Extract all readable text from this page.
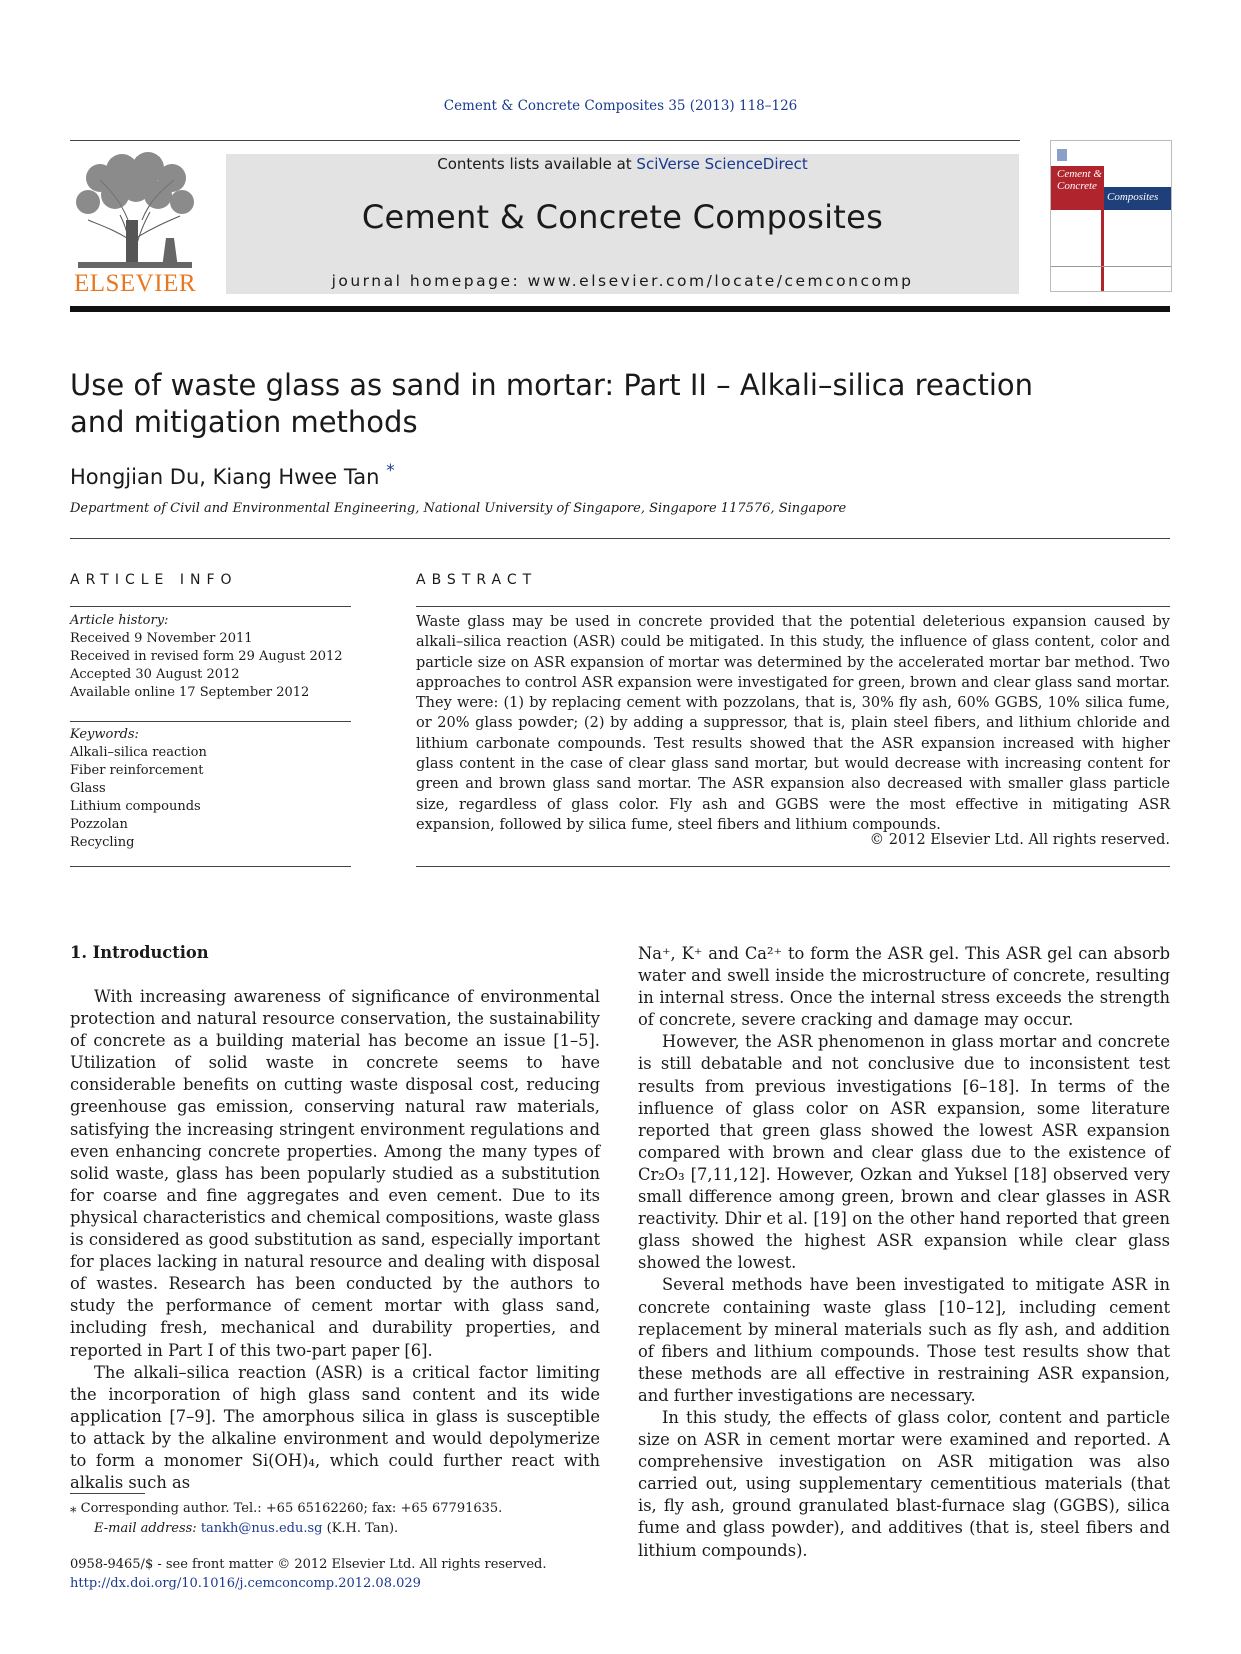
Cement & Concrete Composites 35 (2013) 118–126
ELSEVIER
Contents lists available at SciVerse ScienceDirect
Cement & Concrete Composites
journal homepage: www.elsevier.com/locate/cemconcomp
Cement &
Concrete
Composites
Use of waste glass as sand in mortar: Part II – Alkali–silica reaction
and mitigation methods
Hongjian Du, Kiang Hwee Tan *
Department of Civil and Environmental Engineering, National University of Singapore, Singapore 117576, Singapore
ARTICLE INFO	ABSTRACT
Article history:
Received 9 November 2011
Received in revised form 29 August 2012
Accepted 30 August 2012
Available online 17 September 2012
Keywords:
Alkali–silica reaction
Fiber reinforcement
Glass
Lithium compounds
Pozzolan
Recycling
Waste glass may be used in concrete provided that the potential deleterious expansion caused by alkali–silica reaction (ASR) could be mitigated. In this study, the influence of glass content, color and particle size on ASR expansion of mortar was determined by the accelerated mortar bar method. Two approaches to control ASR expansion were investigated for green, brown and clear glass sand mortar. They were: (1) by replacing cement with pozzolans, that is, 30% fly ash, 60% GGBS, 10% silica fume, or 20% glass powder; (2) by adding a suppressor, that is, plain steel fibers, and lithium chloride and lithium carbonate compounds. Test results showed that the ASR expansion increased with higher glass content in the case of clear glass sand mortar, but would decrease with increasing content for green and brown glass sand mortar. The ASR expansion also decreased with smaller glass particle size, regardless of glass color. Fly ash and GGBS were the most effective in mitigating ASR expansion, followed by silica fume, steel fibers and lithium compounds.
© 2012 Elsevier Ltd. All rights reserved.
1. Introduction

With increasing awareness of significance of environmental protection and natural resource conservation, the sustainability of concrete as a building material has become an issue [1–5]. Utilization of solid waste in concrete seems to have considerable benefits on cutting waste disposal cost, reducing greenhouse gas emission, conserving natural raw materials, satisfying the increasing stringent environment regulations and even enhancing concrete properties. Among the many types of solid waste, glass has been popularly studied as a substitution for coarse and fine aggregates and even cement. Due to its physical characteristics and chemical compositions, waste glass is considered as good substitution as sand, especially important for places lacking in natural resource and dealing with disposal of wastes. Research has been conducted by the authors to study the performance of cement mortar with glass sand, including fresh, mechanical and durability properties, and reported in Part I of this two-part paper [6].

The alkali–silica reaction (ASR) is a critical factor limiting the incorporation of high glass sand content and its wide application [7–9]. The amorphous silica in glass is susceptible to attack by the alkaline environment and would depolymerize to form a monomer Si(OH)₄, which could further react with alkalis such as

Na⁺, K⁺ and Ca²⁺ to form the ASR gel. This ASR gel can absorb water and swell inside the microstructure of concrete, resulting in internal stress. Once the internal stress exceeds the strength of concrete, severe cracking and damage may occur.

However, the ASR phenomenon in glass mortar and concrete is still debatable and not conclusive due to inconsistent test results from previous investigations [6–18]. In terms of the influence of glass color on ASR expansion, some literature reported that green glass showed the lowest ASR expansion compared with brown and clear glass due to the existence of Cr₂O₃ [7,11,12]. However, Ozkan and Yuksel [18] observed very small difference among green, brown and clear glasses in ASR reactivity. Dhir et al. [19] on the other hand reported that green glass showed the highest ASR expansion while clear glass showed the lowest.

Several methods have been investigated to mitigate ASR in concrete containing waste glass [10–12], including cement replacement by mineral materials such as fly ash, and addition of fibers and lithium compounds. Those test results show that these methods are all effective in restraining ASR expansion, and further investigations are necessary.

In this study, the effects of glass color, content and particle size on ASR in cement mortar were examined and reported. A comprehensive investigation on ASR mitigation was also carried out, using supplementary cementitious materials (that is, fly ash, ground granulated blast-furnace slag (GGBS), silica fume and glass powder), and additives (that is, steel fibers and lithium compounds).

⁎ Corresponding author. Tel.: +65 65162260; fax: +65 67791635.
E-mail address: tankh@nus.edu.sg (K.H. Tan).
0958-9465/$ - see front matter © 2012 Elsevier Ltd. All rights reserved.
http://dx.doi.org/10.1016/j.cemconcomp.2012.08.029
